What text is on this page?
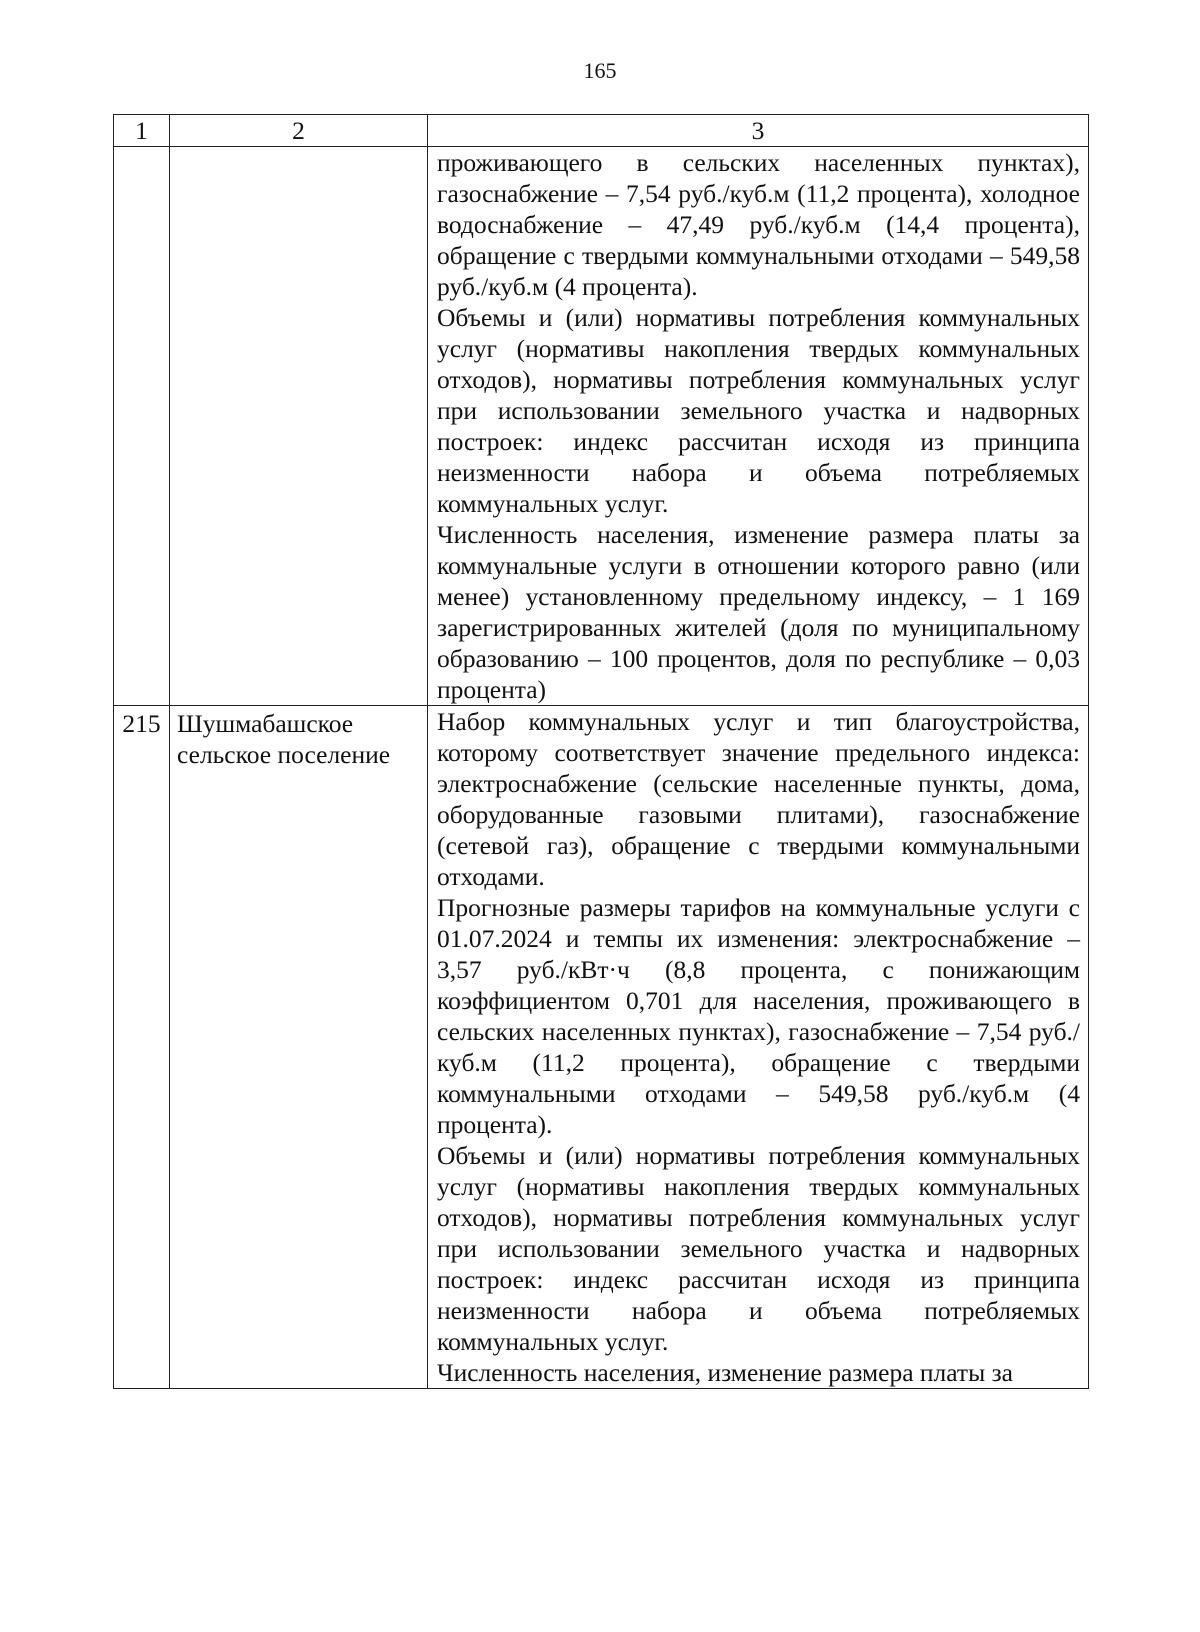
165
1	2	3

		проживающего в сельских населенных пунктах), газоснабжение – 7,54 руб./куб.м (11,2 процента), холодное водоснабжение – 47,49 руб./куб.м (14,4 процента), обращение с твердыми коммунальными отходами – 549,58 руб./куб.м (4 процента).

Объемы и (или) нормативы потребления коммунальных услуг (нормативы накопления твердых коммунальных отходов), нормативы потребления коммунальных услуг при использовании земельного участка и надворных построек: индекс рассчитан исходя из принципа неизменности набора и объема потребляемых коммунальных услуг.

Численность населения, изменение размера платы за коммунальные услуги в отношении которого равно (или менее) установленному предельному индексу, – 1 169 зарегистрированных жителей (доля по муниципальному образованию – 100 процентов, доля по республике – 0,03 процента)

215	Шушмабашское сельское поселение	Набор коммунальных услуг и тип благоустройства, которому соответствует значение предельного индекса: электроснабжение (сельские населенные пункты, дома, оборудованные газовыми плитами), газоснабжение (сетевой газ), обращение с твердыми коммунальными отходами.

Прогнозные размеры тарифов на коммунальные услуги с 01.07.2024 и темпы их изменения: электроснабжение – 3,57 руб./кВт·ч (8,8 процента, с понижающим коэффициентом 0,701 для населения, проживающего в сельских населенных пунктах), газоснабжение – 7,54 руб./куб.м (11,2 процента), обращение с твердыми коммунальными отходами – 549,58 руб./куб.м (4 процента).

Объемы и (или) нормативы потребления коммунальных услуг (нормативы накопления твердых коммунальных отходов), нормативы потребления коммунальных услуг при использовании земельного участка и надворных построек: индекс рассчитан исходя из принципа неизменности набора и объема потребляемых коммунальных услуг.

Численность населения, изменение размера платы за
